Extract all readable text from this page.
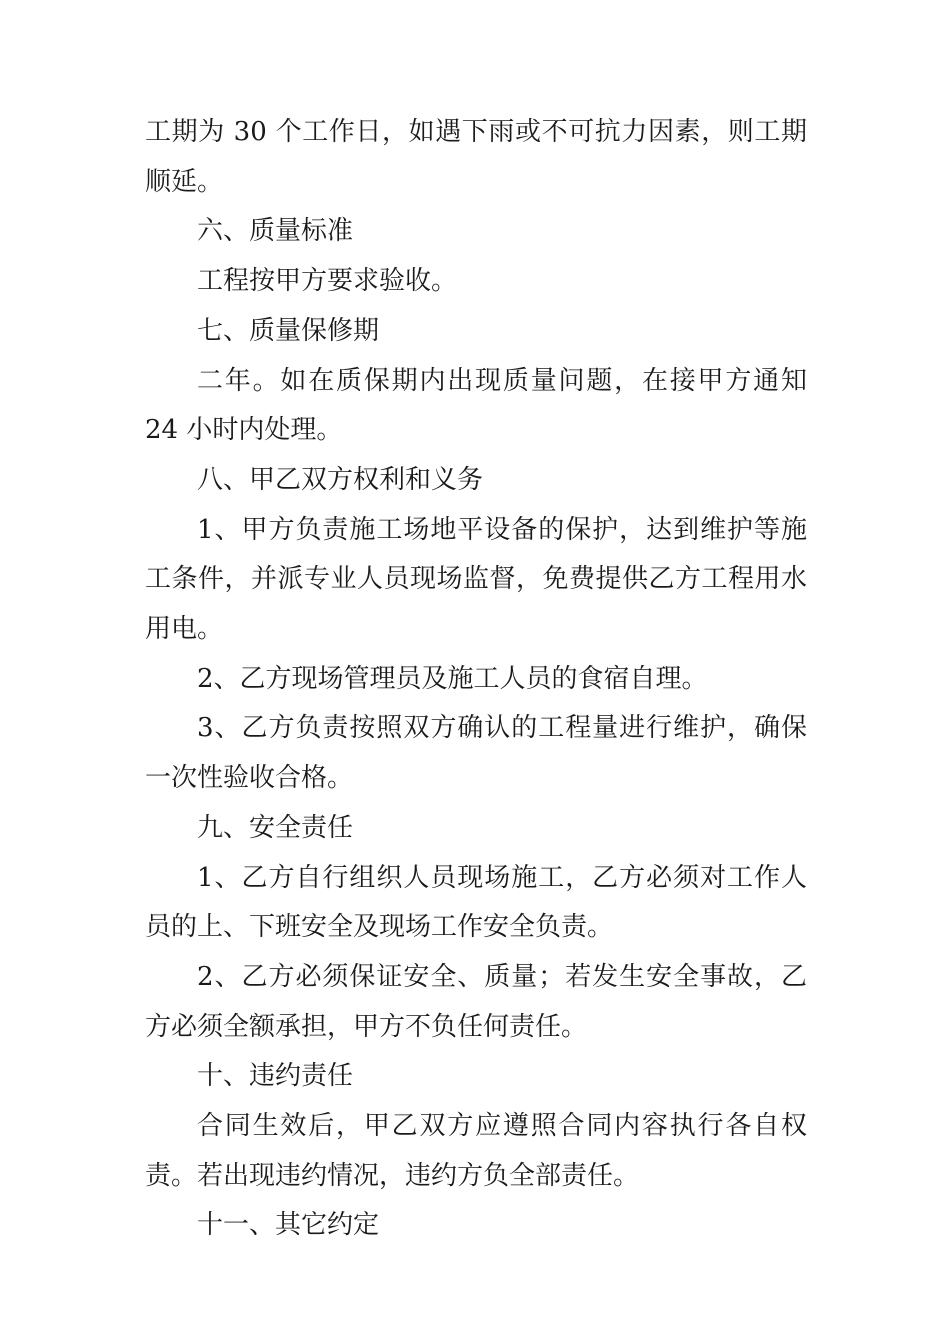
工期为 30 个工作日，如遇下雨或不可抗力因素，则工期顺延。

六、质量标准

工程按甲方要求验收。

七、质量保修期

二年。如在质保期内出现质量问题，在接甲方通知 24 小时内处理。

八、甲乙双方权利和义务

1、甲方负责施工场地平设备的保护，达到维护等施工条件，并派专业人员现场监督，免费提供乙方工程用水用电。

2、乙方现场管理员及施工人员的食宿自理。

3、乙方负责按照双方确认的工程量进行维护，确保一次性验收合格。

九、安全责任

1、乙方自行组织人员现场施工，乙方必须对工作人员的上、下班安全及现场工作安全负责。

2、乙方必须保证安全、质量；若发生安全事故，乙方必须全额承担，甲方不负任何责任。

十、违约责任

合同生效后，甲乙双方应遵照合同内容执行各自权责。若出现违约情况，违约方负全部责任。

十一、其它约定
